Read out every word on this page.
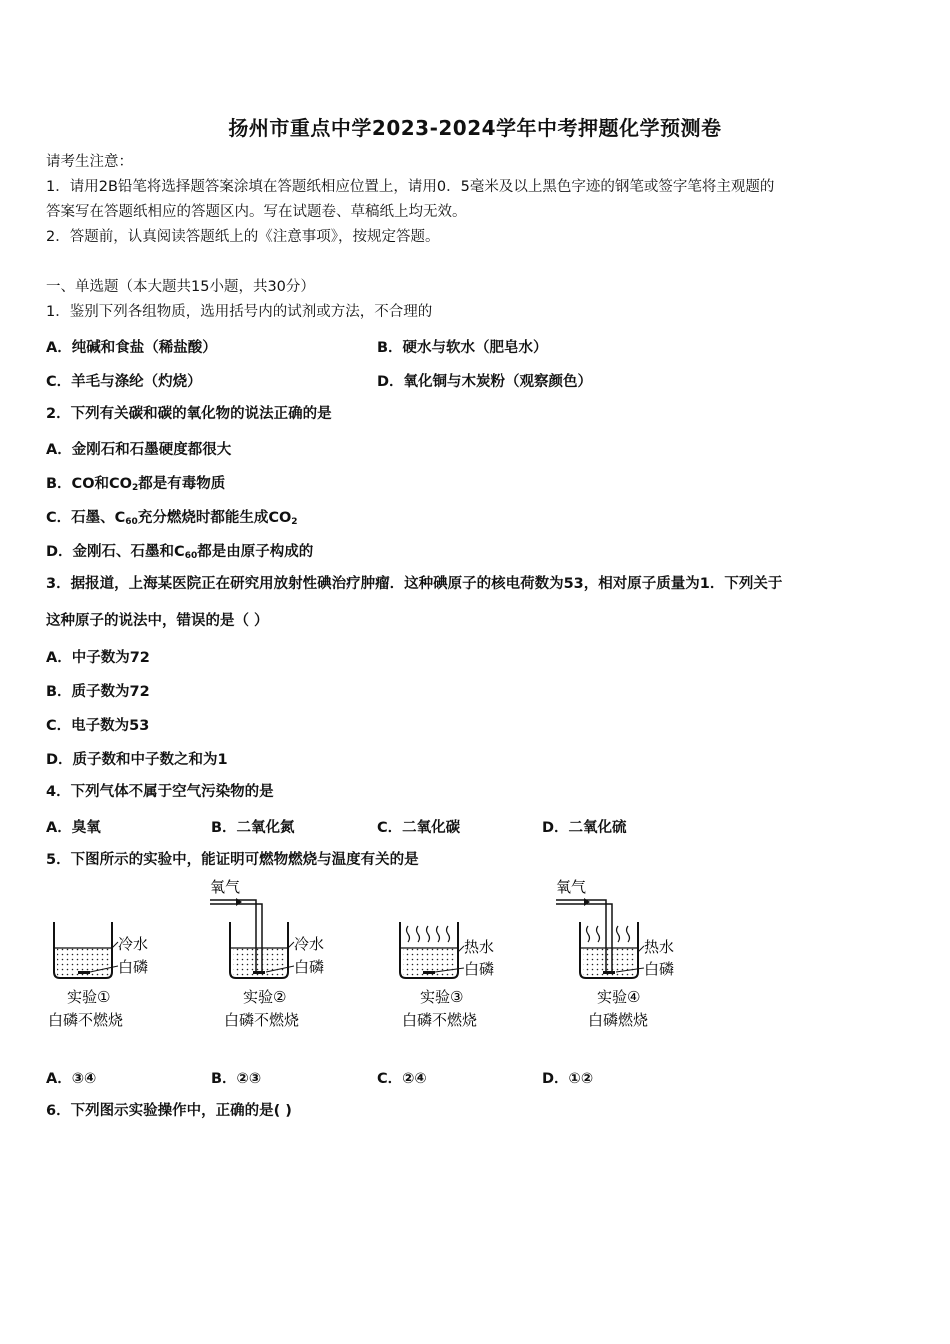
扬州市重点中学2023-2024学年中考押题化学预测卷
请考生注意：
1．请用2B铅笔将选择题答案涂填在答题纸相应位置上，请用0．5毫米及以上黑色字迹的钢笔或签字笔将主观题的
答案写在答题纸相应的答题区内。写在试题卷、草稿纸上均无效。
2．答题前，认真阅读答题纸上的《注意事项》，按规定答题。
一、单选题（本大题共15小题，共30分）
1．鉴别下列各组物质，选用括号内的试剂或方法，不合理的
A．纯碱和食盐（稀盐酸）	B．硬水与软水（肥皂水）
C．羊毛与涤纶（灼烧）	D．氧化铜与木炭粉（观察颜色）
2．下列有关碳和碳的氧化物的说法正确的是
A．金刚石和石墨硬度都很大
B．CO和$CO_2$都是有毒物质
C．石墨、$C_{60}$充分燃烧时都能生成$CO_2$
D．金刚石、石墨和$C_{60}$都是由原子构成的
3．据报道，上海某医院正在研究用放射性碘治疗肿瘤．这种碘原子的核电荷数为53，相对原子质量为1．下列关于
这种原子的说法中，错误的是（ ）
A．中子数为72
B．质子数为72
C．电子数为53
D．质子数和中子数之和为1
4．下列气体不属于空气污染物的是
A．臭氧	B．二氧化氮	C．二氧化碳	D．二氧化硫
5．下图所示的实验中，能证明可燃物燃烧与温度有关的是
冷水
白磷
实验①
白磷不燃烧
氧气
冷水
白磷
实验②
白磷不燃烧
热水
白磷
实验③
白磷不燃烧
氧气
热水
白磷
实验④
白磷燃烧
A．③④	B．②③	C．②④	D．①②
6．下列图示实验操作中，正确的是( )
